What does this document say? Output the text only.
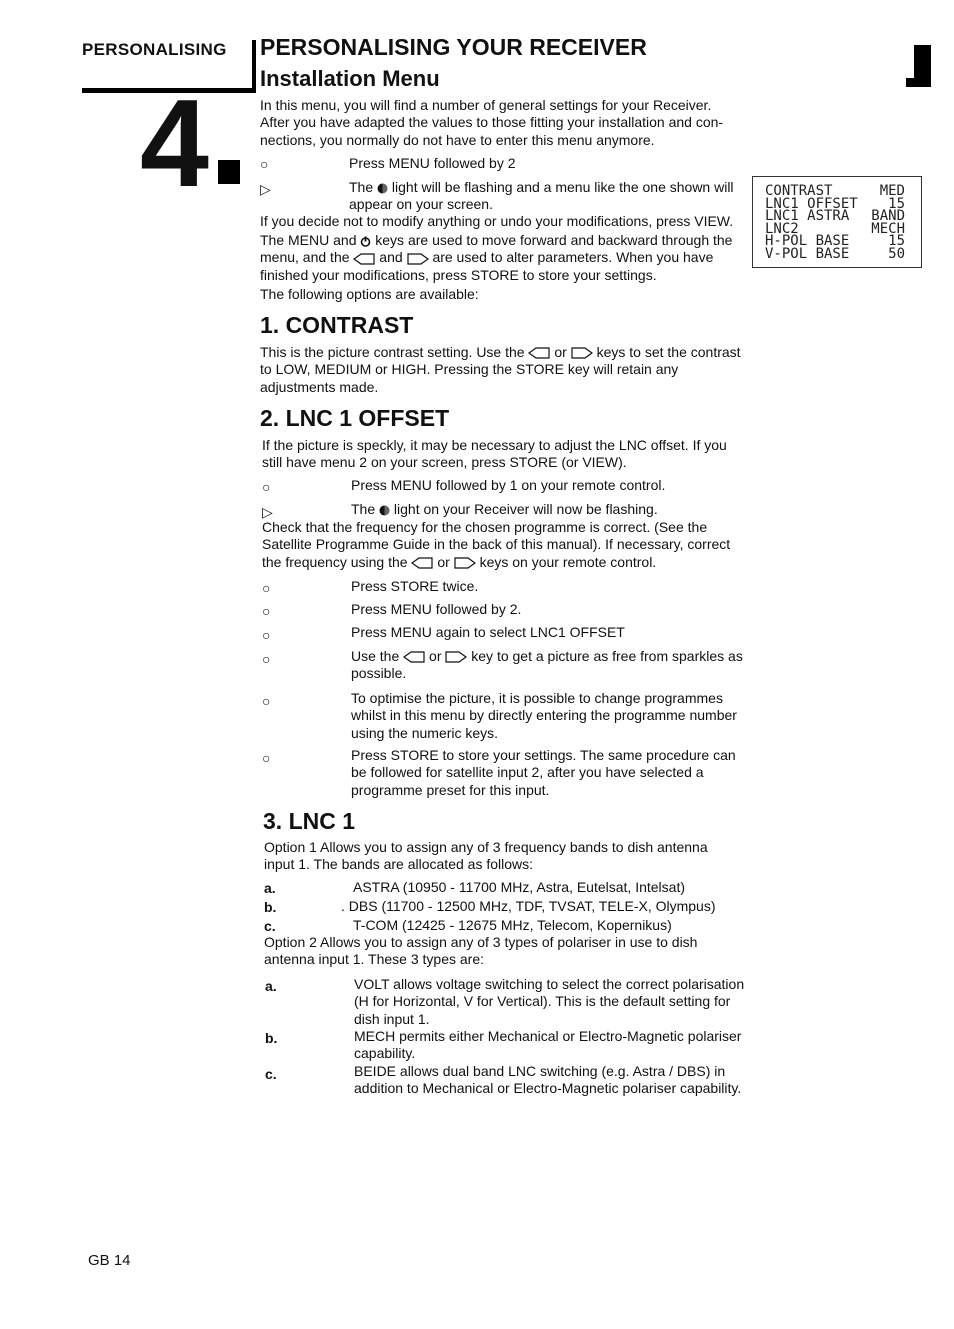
PERSONALISING
4
PERSONALISING YOUR RECEIVER
Installation Menu
In this menu, you will find a number of general settings for your Receiver. After you have adapted the values to those fitting your installation and con- nections, you normally do not have to enter this menu anymore.
○	Press MENU followed by 2
▷	The light will be flashing and a menu like the one shown will appear on your screen.
If you decide not to modify anything or undo your modifications, press VIEW.
The MENU and keys are used to move forward and backward through the menu, and the and are used to alter parameters. When you have finished your modifications, press STORE to store your settings.
The following options are available:
CONTRAST	MED
LNC1 OFFSET 15
LNC1 ASTRA BAND
LNC2	MECH
H-POL BASE	15
V-POL BASE	50
1. CONTRAST
This is the picture contrast setting. Use the or keys to set the contrast to LOW, MEDIUM or HIGH. Pressing the STORE key will retain any adjustments made.
2. LNC 1 OFFSET
If the picture is speckly, it may be necessary to adjust the LNC offset. If you still have menu 2 on your screen, press STORE (or VIEW).
○	Press MENU followed by 1 on your remote control.
▷	The light on your Receiver will now be flashing.
Check that the frequency for the chosen programme is correct. (See the Satellite Programme Guide in the back of this manual). If necessary, correct the frequency using the or keys on your remote control.
○	Press STORE twice.
○	Press MENU followed by 2.
○	Press MENU again to select LNC1 OFFSET
○	Use the or key to get a picture as free from sparkles as possible.
○	To optimise the picture, it is possible to change programmes whilst in this menu by directly entering the programme number using the numeric keys.
○	Press STORE to store your settings. The same procedure can be followed for satellite input 2, after you have selected a programme preset for this input.
3. LNC 1
Option 1 Allows you to assign any of 3 frequency bands to dish antenna input 1. The bands are allocated as follows:
a.	ASTRA (10950 - 11700 MHz, Astra, Eutelsat, Intelsat)
b.	. DBS (11700 - 12500 MHz, TDF, TVSAT, TELE-X, Olympus)
c.	T-COM (12425 - 12675 MHz, Telecom, Kopernikus)
Option 2 Allows you to assign any of 3 types of polariser in use to dish antenna input 1. These 3 types are:
a.	VOLT allows voltage switching to select the correct polarisation (H for Horizontal, V for Vertical). This is the default setting for dish input 1.
b.	MECH permits either Mechanical or Electro-Magnetic polariser capability.
c.	BEIDE allows dual band LNC switching (e.g. Astra / DBS) in addition to Mechanical or Electro-Magnetic polariser capability.
GB 14
